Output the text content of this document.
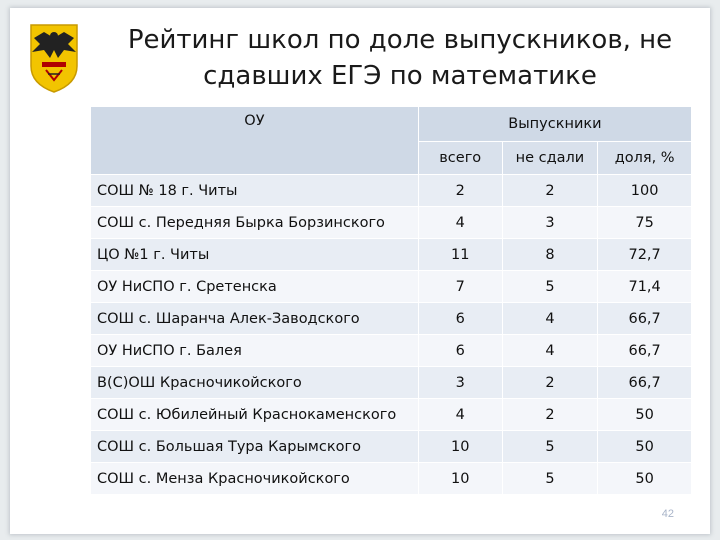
Рейтинг школ по доле выпускников, не
сдавших ЕГЭ по математике
ОУ	Выпускники		
	всего	не сдали	доля, %
СОШ № 18 г. Читы	2	2	100
СОШ с. Передняя Бырка Борзинского	4	3	75
ЦО №1 г. Читы	11	8	72,7
ОУ НиСПО г. Сретенска	7	5	71,4
СОШ с. Шаранча Алек-Заводского	6	4	66,7
ОУ НиСПО г. Балея	6	4	66,7
В(С)ОШ Красночикойского	3	2	66,7
СОШ с. Юбилейный Краснокаменского	4	2	50
СОШ с. Большая Тура Карымского	10	5	50
СОШ с. Менза Красночикойского	10	5	50
42
